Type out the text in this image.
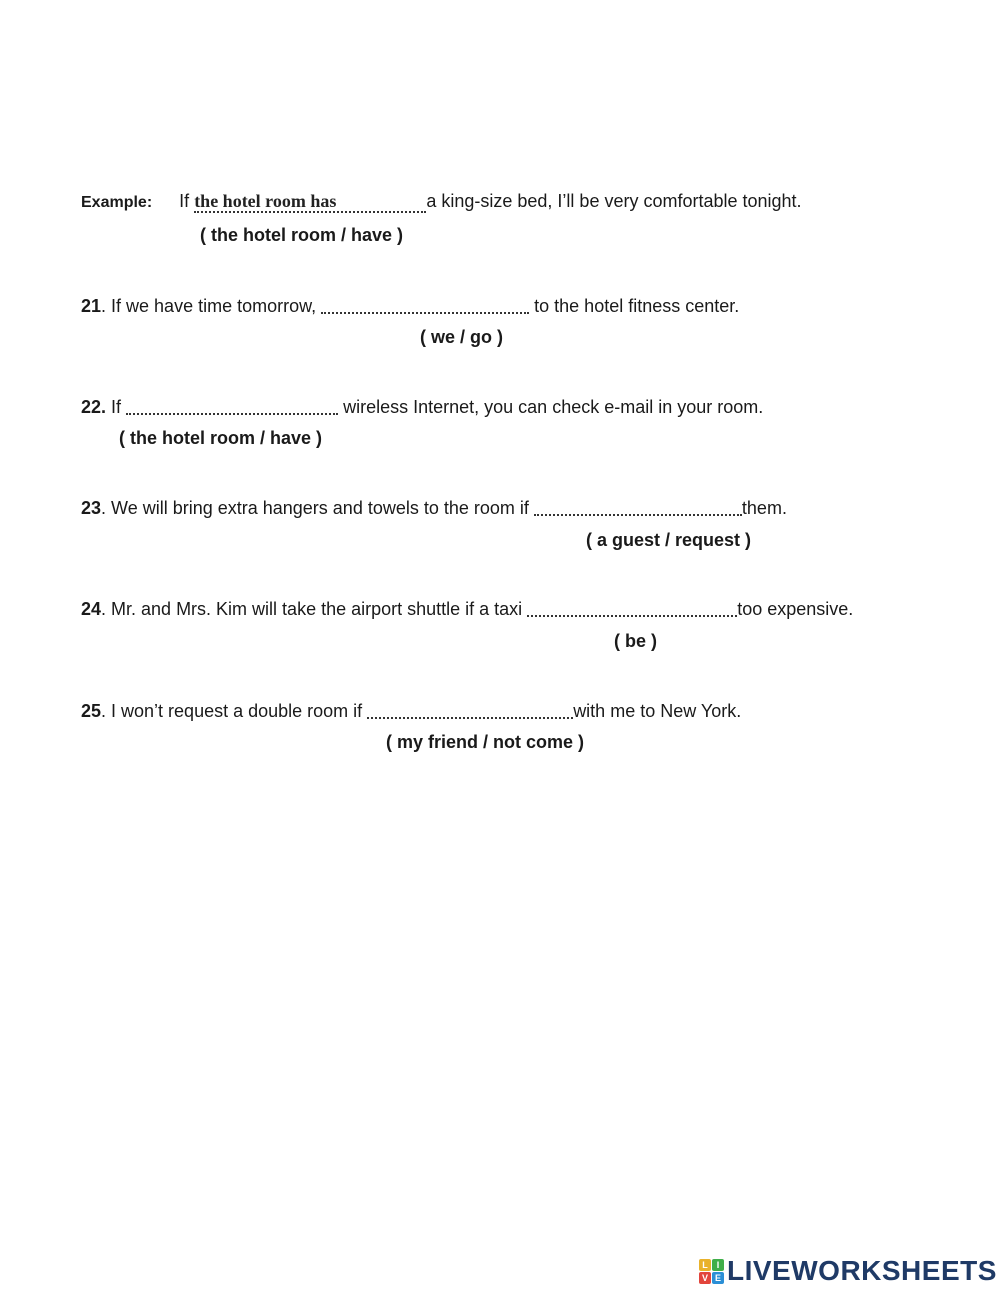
Example: If the hotel room has	a king-size bed, I’ll be very comfortable tonight.
( the hotel room / have )
21. If we have time tomorrow,	to the hotel fitness center.
( we / go )
22. If	wireless Internet, you can check e-mail in your room.
( the hotel room / have )
23. We will bring extra hangers and towels to the room if	them.
( a guest / request )
24. Mr. and Mrs. Kim will take the airport shuttle if a taxi	too expensive.
( be )
25. I won’t request a double room if	with me to New York.
( my friend / not come )
L I
V E LIVEWORKSHEETS
